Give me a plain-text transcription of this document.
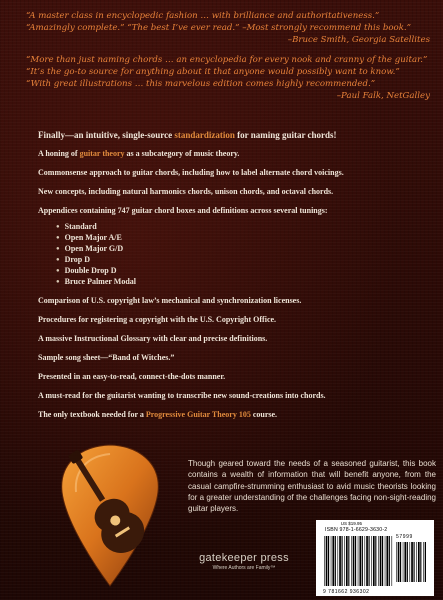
“A master class in encyclopedic fashion … with brilliance and authoritativeness.”

“Amazingly complete.” “The best I’ve ever read.” –Most strongly recommend this book.”

–Bruce Smith, Georgia Satellites

“More than just naming chords … an encyclopedia for every nook and cranny of the guitar.”

“It’s the go-to source for anything about it that anyone would possibly want to know.”

“With great illustrations … this marvelous edition comes highly recommended.”

–Paul Falk, NetGalley

Finally—an intuitive, single-source standardization for naming guitar chords!

A honing of guitar theory as a subcategory of music theory.

Commonsense approach to guitar chords, including how to label alternate chord voicings.

New concepts, including natural harmonics chords, unison chords, and octaval chords.

Appendices containing 747 guitar chord boxes and definitions across several tunings:

● Standard
● Open Major A/E
● Open Major G/D
● Drop D
● Double Drop D
● Bruce Palmer Modal

Comparison of U.S. copyright law’s mechanical and synchronization licenses.

Procedures for registering a copyright with the U.S. Copyright Office.

A massive Instructional Glossary with clear and precise definitions.

Sample song sheet—“Band of Witches.”

Presented in an easy-to-read, connect-the-dots manner.

A must-read for the guitarist wanting to transcribe new sound-creations into chords.

The only textbook needed for a Progressive Guitar Theory 105 course.

Though geared toward the needs of a seasoned guitarist, this book contains a wealth of information that will benefit anyone, from the casual campfire-strumming enthusiast to avid music theorists looking for a greater understanding of the challenges facing non-sight-reading guitar players.
gatekeeper press
Where Authors are Family™
US $19.95
ISBN 978-1-6629-3630-2
57999
9 781662 936302
